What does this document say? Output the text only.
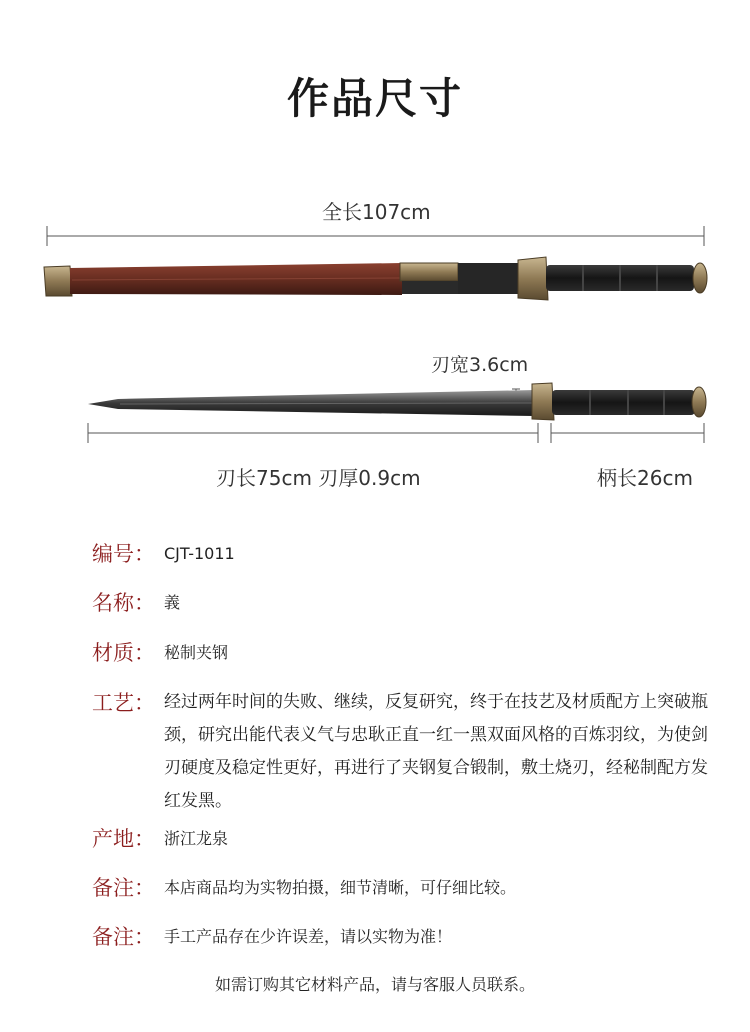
作品尺寸
全长107cm
刃宽3.6cm
刃长75cm 刃厚0.9cm	柄长26cm
编号： CJT-1011
名称： 義
材质： 秘制夹钢
工艺： 经过两年时间的失败、继续，反复研究，终于在技艺及材质配方上突破瓶颈，研究出能代表义气与忠耿正直一红一黑双面风格的百炼羽纹，为使剑刃硬度及稳定性更好，再进行了夹钢复合锻制，敷土烧刃，经秘制配方发红发黑。
产地： 浙江龙泉
备注： 本店商品均为实物拍摄，细节清晰，可仔细比较。
备注： 手工产品存在少许误差，请以实物为准！
如需订购其它材料产品，请与客服人员联系。
